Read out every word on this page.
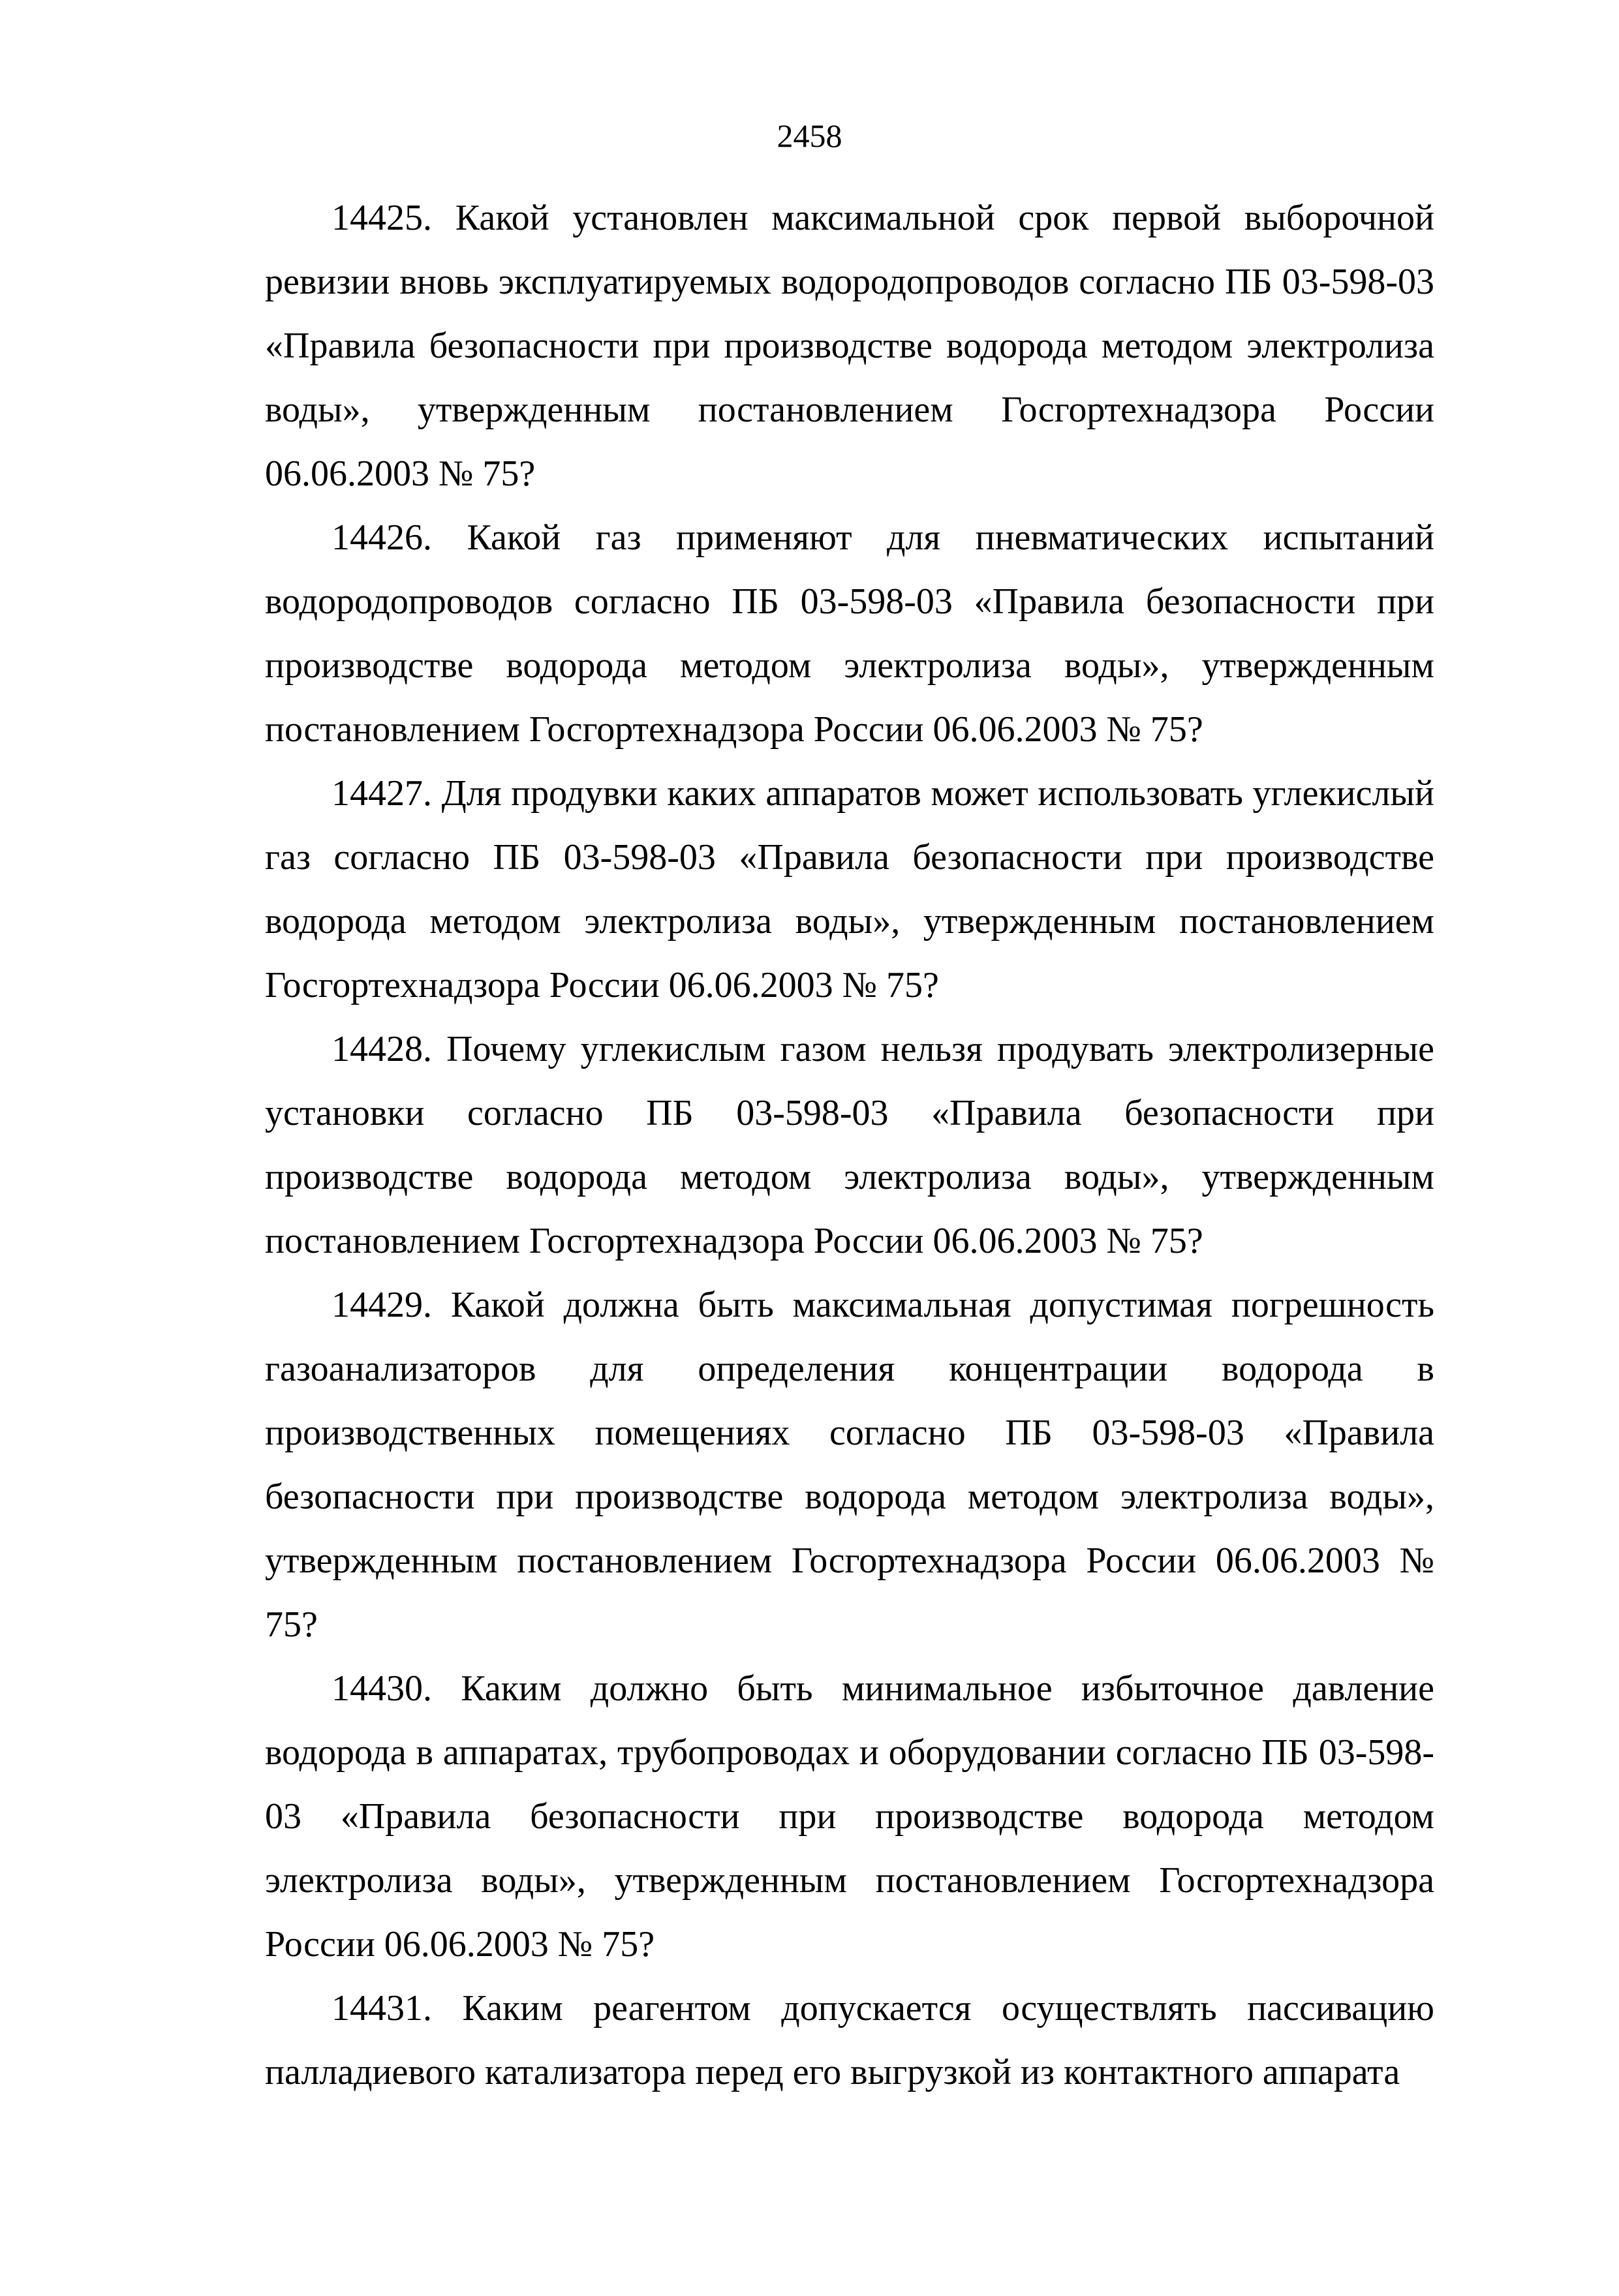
2458
14425. Какой установлен максимальной срок первой выборочной ревизии вновь эксплуатируемых водородопроводов согласно ПБ 03-598-03 «Правила безопасности при производстве водорода методом электролиза воды», утвержденным постановлением Госгортехнадзора России 06.06.2003 № 75?
14426. Какой газ применяют для пневматических испытаний водородопроводов согласно ПБ 03-598-03 «Правила безопасности при производстве водорода методом электролиза воды», утвержденным постановлением Госгортехнадзора России 06.06.2003 № 75?
14427. Для продувки каких аппаратов может использовать углекислый газ согласно ПБ 03-598-03 «Правила безопасности при производстве водорода методом электролиза воды», утвержденным постановлением Госгортехнадзора России 06.06.2003 № 75?
14428. Почему углекислым газом нельзя продувать электролизерные установки согласно ПБ 03-598-03 «Правила безопасности при производстве водорода методом электролиза воды», утвержденным постановлением Госгортехнадзора России 06.06.2003 № 75?
14429. Какой должна быть максимальная допустимая погрешность газоанализаторов для определения концентрации водорода в производственных помещениях согласно ПБ 03-598-03 «Правила безопасности при производстве водорода методом электролиза воды», утвержденным постановлением Госгортехнадзора России 06.06.2003 № 75?
14430. Каким должно быть минимальное избыточное давление водорода в аппаратах, трубопроводах и оборудовании согласно ПБ 03-598-03 «Правила безопасности при производстве водорода методом электролиза воды», утвержденным постановлением Госгортехнадзора России 06.06.2003 № 75?
14431. Каким реагентом допускается осуществлять пассивацию палладиевого катализатора перед его выгрузкой из контактного аппарата
